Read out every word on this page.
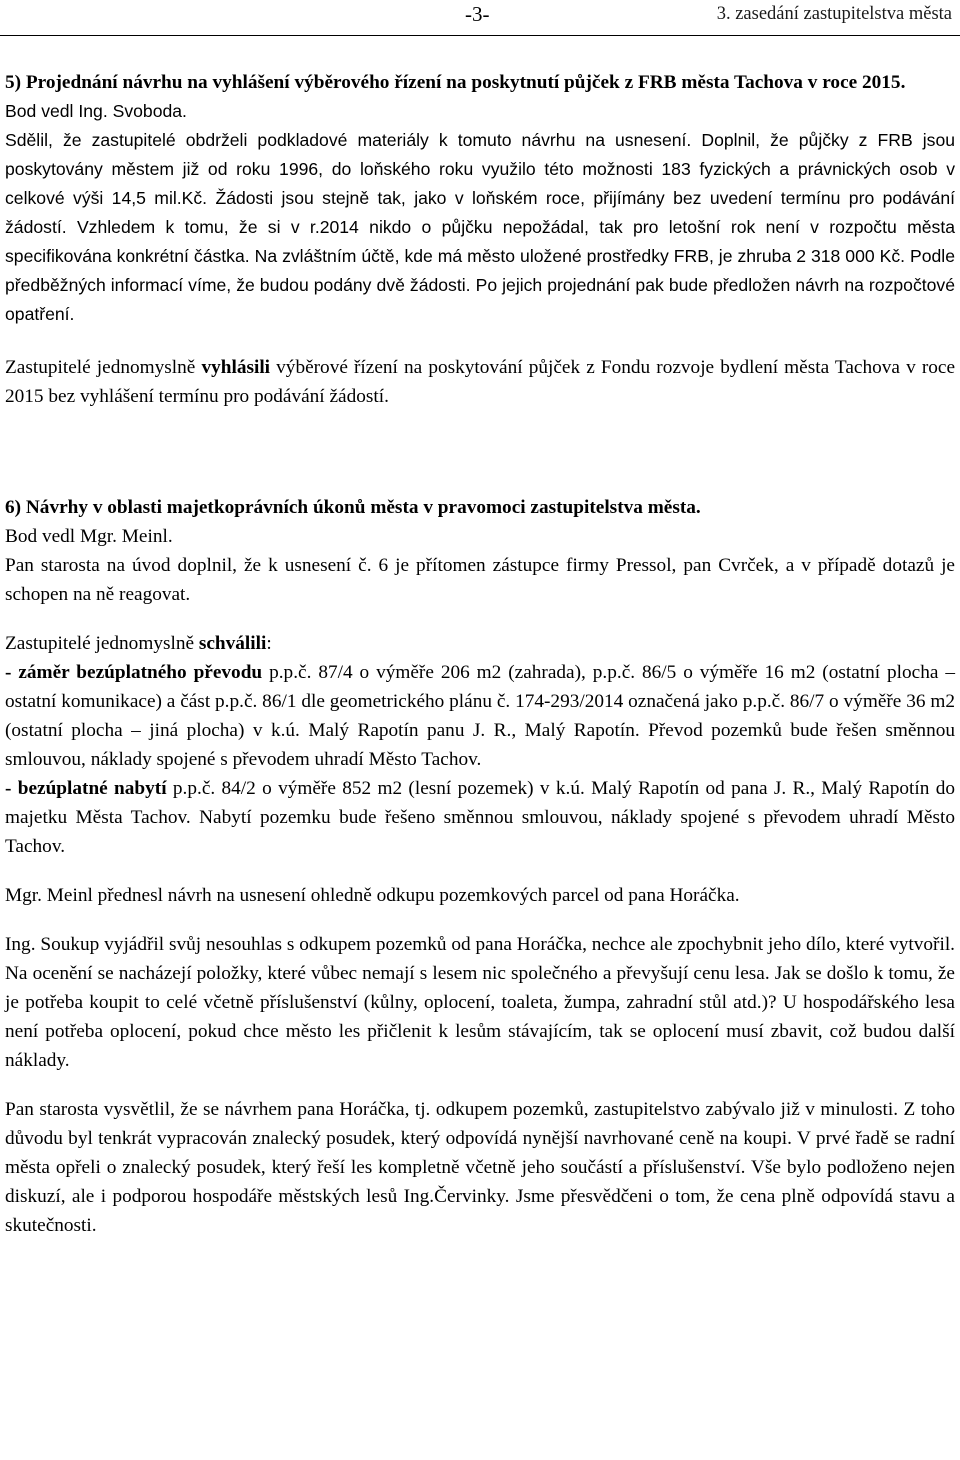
-3-	3. zasedání zastupitelstva města

5) Projednání návrhu na vyhlášení výběrového řízení na poskytnutí půjček z FRB města Tachova v roce 2015.

Bod vedl Ing. Svoboda.

Sdělil, že zastupitelé obdrželi podkladové materiály k tomuto návrhu na usnesení. Doplnil, že půjčky z FRB jsou poskytovány městem již od roku 1996, do loňského roku využilo této možnosti 183 fyzických a právnických osob v celkové výši 14,5 mil.Kč. Žádosti jsou stejně tak, jako v loňském roce, přijímány bez uvedení termínu pro podávání žádostí. Vzhledem k tomu, že si v r.2014 nikdo o půjčku nepožádal, tak pro letošní rok není v rozpočtu města specifikována konkrétní částka. Na zvláštním účtě, kde má město uložené prostředky FRB, je zhruba 2 318 000 Kč. Podle předběžných informací víme, že budou podány dvě žádosti. Po jejich projednání pak bude předložen návrh na rozpočtové opatření.

Zastupitelé jednomyslně vyhlásili výběrové řízení na poskytování půjček z Fondu rozvoje bydlení města Tachova v roce 2015 bez vyhlášení termínu pro podávání žádostí.

6) Návrhy v oblasti majetkoprávních úkonů města v pravomoci zastupitelstva města.

Bod vedl Mgr. Meinl.

Pan starosta na úvod doplnil, že k usnesení č. 6 je přítomen zástupce firmy Pressol, pan Cvrček, a v případě dotazů je schopen na ně reagovat.

Zastupitelé jednomyslně schválili:

- záměr bezúplatného převodu p.p.č. 87/4 o výměře 206 m2 (zahrada), p.p.č. 86/5 o výměře 16 m2 (ostatní plocha – ostatní komunikace) a část p.p.č. 86/1 dle geometrického plánu č. 174-293/2014 označená jako p.p.č. 86/7 o výměře 36 m2 (ostatní plocha – jiná plocha) v k.ú. Malý Rapotín panu J. R., Malý Rapotín. Převod pozemků bude řešen směnnou smlouvou, náklady spojené s převodem uhradí Město Tachov.

- bezúplatné nabytí p.p.č. 84/2 o výměře 852 m2 (lesní pozemek) v k.ú. Malý Rapotín od pana J. R., Malý Rapotín do majetku Města Tachov. Nabytí pozemku bude řešeno směnnou smlouvou, náklady spojené s převodem uhradí Město Tachov.

Mgr. Meinl přednesl návrh na usnesení ohledně odkupu pozemkových parcel od pana Horáčka.

Ing. Soukup vyjádřil svůj nesouhlas s odkupem pozemků od pana Horáčka, nechce ale zpochybnit jeho dílo, které vytvořil. Na ocenění se nacházejí položky, které vůbec nemají s lesem nic společného a převyšují cenu lesa. Jak se došlo k tomu, že je potřeba koupit to celé včetně příslušenství (kůlny, oplocení, toaleta, žumpa, zahradní stůl atd.)? U hospodářského lesa není potřeba oplocení, pokud chce město les přičlenit k lesům stávajícím, tak se oplocení musí zbavit, což budou další náklady.

Pan starosta vysvětlil, že se návrhem pana Horáčka, tj. odkupem pozemků, zastupitelstvo zabývalo již v minulosti. Z toho důvodu byl tenkrát vypracován znalecký posudek, který odpovídá nynější navrhované ceně na koupi. V prvé řadě se radní města opřeli o znalecký posudek, který řeší les kompletně včetně jeho součástí a příslušenství. Vše bylo podloženo nejen diskuzí, ale i podporou hospodáře městských lesů Ing.Červinky. Jsme přesvědčeni o tom, že cena plně odpovídá stavu a skutečnosti.
